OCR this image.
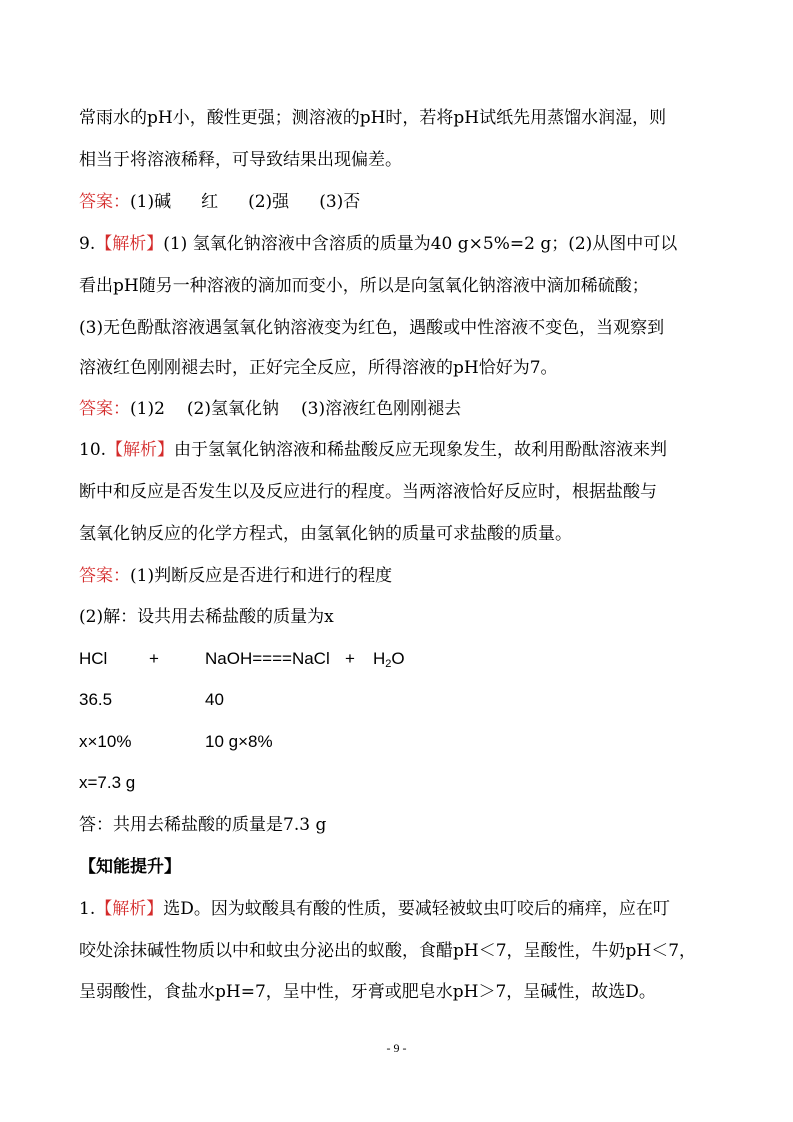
常雨水的pH小，酸性更强；测溶液的pH时，若将pH试纸先用蒸馏水润湿，则
相当于将溶液稀释，可导致结果出现偏差。
答案：(1)碱 红 (2)强 (3)否
9.【解析】(1) 氢氧化钠溶液中含溶质的质量为40 g×5%=2 g；(2)从图中可以
看出pH随另一种溶液的滴加而变小，所以是向氢氧化钠溶液中滴加稀硫酸；
(3)无色酚酞溶液遇氢氧化钠溶液变为红色，遇酸或中性溶液不变色，当观察到
溶液红色刚刚褪去时，正好完全反应，所得溶液的pH恰好为7。
答案：(1)2 (2)氢氧化钠 (3)溶液红色刚刚褪去
10.【解析】由于氢氧化钠溶液和稀盐酸反应无现象发生，故利用酚酞溶液来判
断中和反应是否发生以及反应进行的程度。当两溶液恰好反应时，根据盐酸与
氢氧化钠反应的化学方程式，由氢氧化钠的质量可求盐酸的质量。
答案：(1)判断反应是否进行和进行的程度
(2)解：设共用去稀盐酸的质量为x
HCl +	NaOH====NaCl + H2O
36.5	40
x×10%	10 g×8%
x=7.3 g
答：共用去稀盐酸的质量是7.3 g
【知能提升】
1.【解析】选D。因为蚊酸具有酸的性质，要减轻被蚊虫叮咬后的痛痒，应在叮
咬处涂抹碱性物质以中和蚊虫分泌出的蚁酸，食醋pH＜7，呈酸性，牛奶pH＜7，
呈弱酸性，食盐水pH=7，呈中性，牙膏或肥皂水pH＞7，呈碱性，故选D。
- 9 -
